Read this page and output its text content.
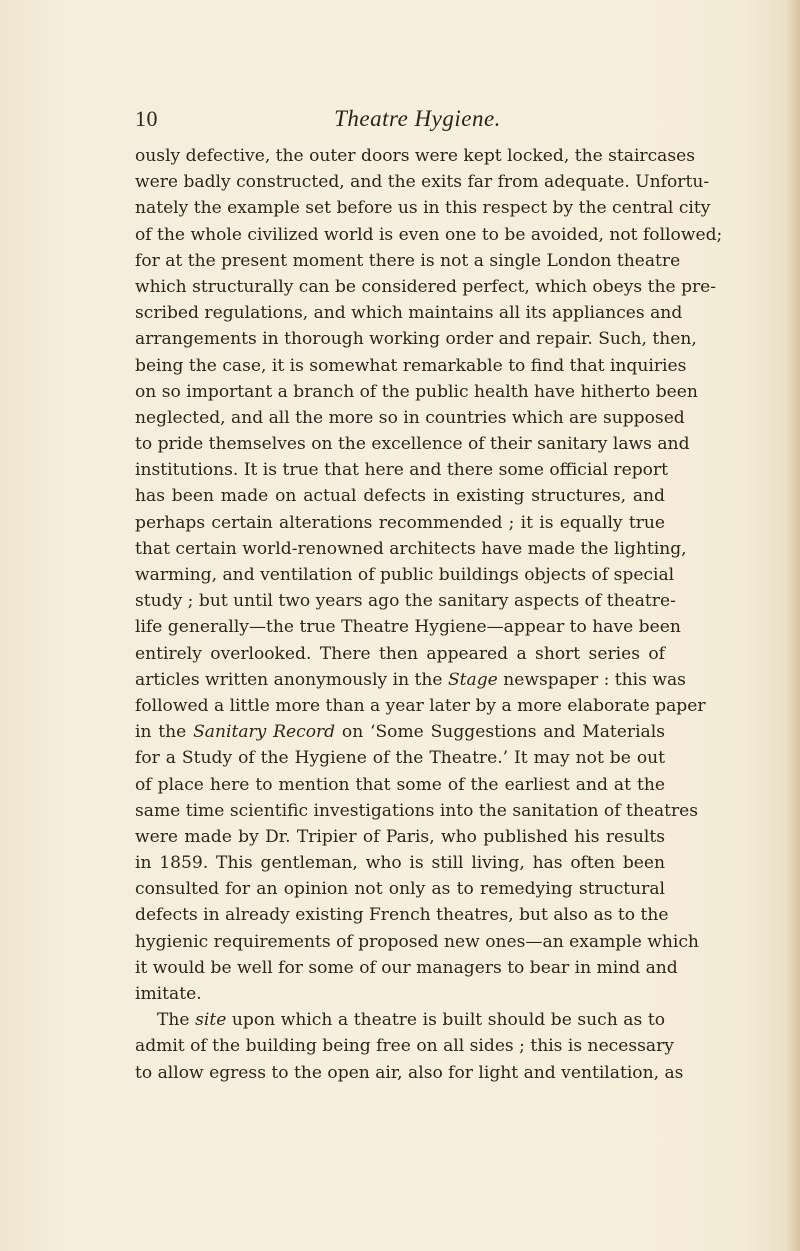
10	Theatre Hygiene.
ously defective, the outer doors were kept locked, the staircases
were badly constructed, and the exits far from adequate. Unfortu-
nately the example set before us in this respect by the central city
of the whole civilized world is even one to be avoided, not followed;
for at the present moment there is not a single London theatre
which structurally can be considered perfect, which obeys the pre-
scribed regulations, and which maintains all its appliances and
arrangements in thorough working order and repair. Such, then,
being the case, it is somewhat remarkable to find that inquiries
on so important a branch of the public health have hitherto been
neglected, and all the more so in countries which are supposed
to pride themselves on the excellence of their sanitary laws and
institutions. It is true that here and there some official report
has been made on actual defects in existing structures, and
perhaps certain alterations recommended ; it is equally true
that certain world-renowned architects have made the lighting,
warming, and ventilation of public buildings objects of special
study ; but until two years ago the sanitary aspects of theatre-
life generally—the true Theatre Hygiene—appear to have been
entirely overlooked. There then appeared a short series of
articles written anonymously in the Stage newspaper : this was
followed a little more than a year later by a more elaborate paper
in the Sanitary Record on ‘Some Suggestions and Materials
for a Study of the Hygiene of the Theatre.’ It may not be out
of place here to mention that some of the earliest and at the
same time scientific investigations into the sanitation of theatres
were made by Dr. Tripier of Paris, who published his results
in 1859. This gentleman, who is still living, has often been
consulted for an opinion not only as to remedying structural
defects in already existing French theatres, but also as to the
hygienic requirements of proposed new ones—an example which
it would be well for some of our managers to bear in mind and
imitate.
The site upon which a theatre is built should be such as to
admit of the building being free on all sides ; this is necessary
to allow egress to the open air, also for light and ventilation, as
